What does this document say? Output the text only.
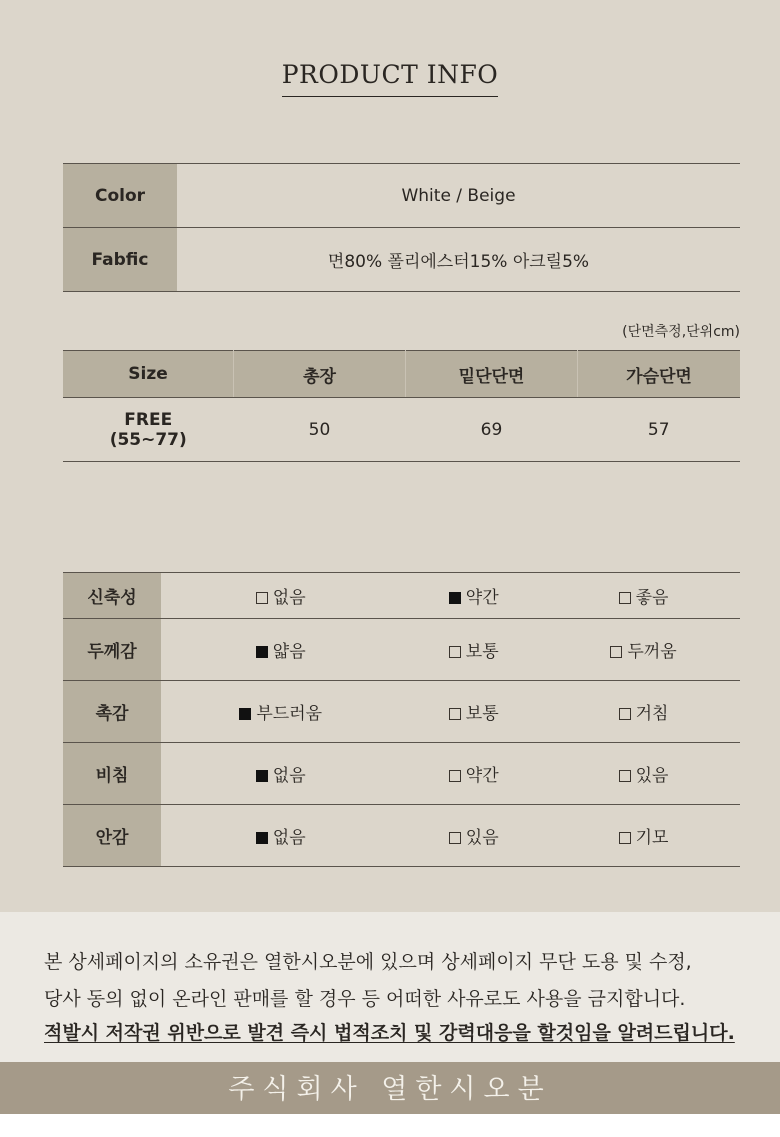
PRODUCT INFO
Color	White / Beige
Fabfic	면80% 폴리에스터15% 아크릴5%
(단면측정,단위cm)
Size	총장	밑단단면	가슴단면

FREE
(55~77)	50	69	57
신축성	없음	약간	좋음
두께감	얇음	보통	두꺼움
촉감	부드러움	보통	거침
비침	없음	약간	있음
안감	없음	있음	기모

본 상세페이지의 소유권은 열한시오분에 있으며 상세페이지 무단 도용 및 수정,

당사 동의 없이 온라인 판매를 할 경우 등 어떠한 사유로도 사용을 금지합니다.

적발시 저작권 위반으로 발견 즉시 법적조치 및 강력대응을 할것임을 알려드립니다.

주식회사 열한시오분
